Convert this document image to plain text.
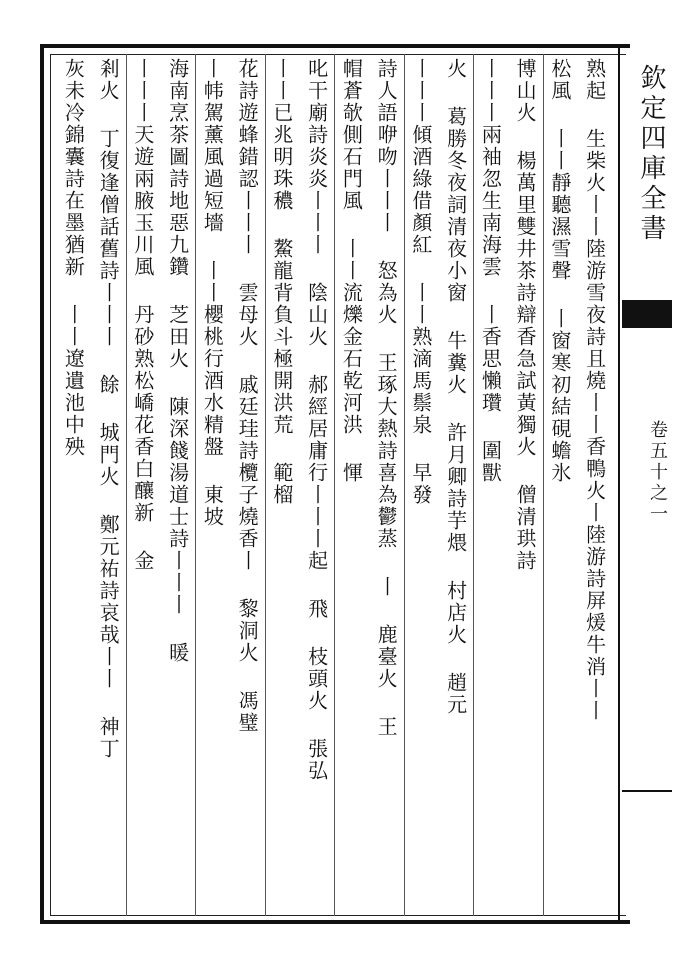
欽定四庫全書
卷五十之一
熟起 生柴火丨丨陸游雪夜詩且燒丨丨香鴨火丨陸游詩屏煖牛消丨丨
松風 丨丨靜聽濕雪聲 丨窗寒初結硯蟾氷
博山火 楊萬里雙井茶詩辯香急試黃獨火 僧清珙詩
丨丨丨兩袖忽生南海雲 丨香思懶瓚 圍獸
火 葛勝冬夜詞清夜小窗 牛糞火 許月卿詩芋煨 村店火 趙元
丨丨丨傾酒綠借顏紅 丨丨熟滴馬鬃泉 早發
詩人語咿吻丨丨丨 怒為火 王琢大熱詩喜為鬱蒸 丨 鹿臺火 王
帽蒼欹側石門風 丨丨流爍金石乾河洪 惲
叱干廟詩炎炎丨丨丨 陰山火 郝經居庸行丨丨丨起 飛 枝頭火 張弘
丨丨已兆明珠穠 鰲龍背負斗極開洪荒 範榴
花詩遊蜂錯認丨丨丨 雲母火 戚廷珪詩欖子燒香丨 黎洞火 馮璧
丨帏駕薰風過短墻 丨丨櫻桃行酒水精盤 東坡
海南烹茶圖詩地惡九鑽 芝田火 陳深餞湯道士詩丨丨丨 暖
丨丨丨天遊兩腋玉川風 丹砂熟松嶠花香白釀新 金
剎火 丁復逢僧話舊詩丨丨丨 餘 城門火 鄭元祐詩哀哉丨丨 神丁
灰未冷錦囊詩在墨猶新 丨丨遼遺池中殃
